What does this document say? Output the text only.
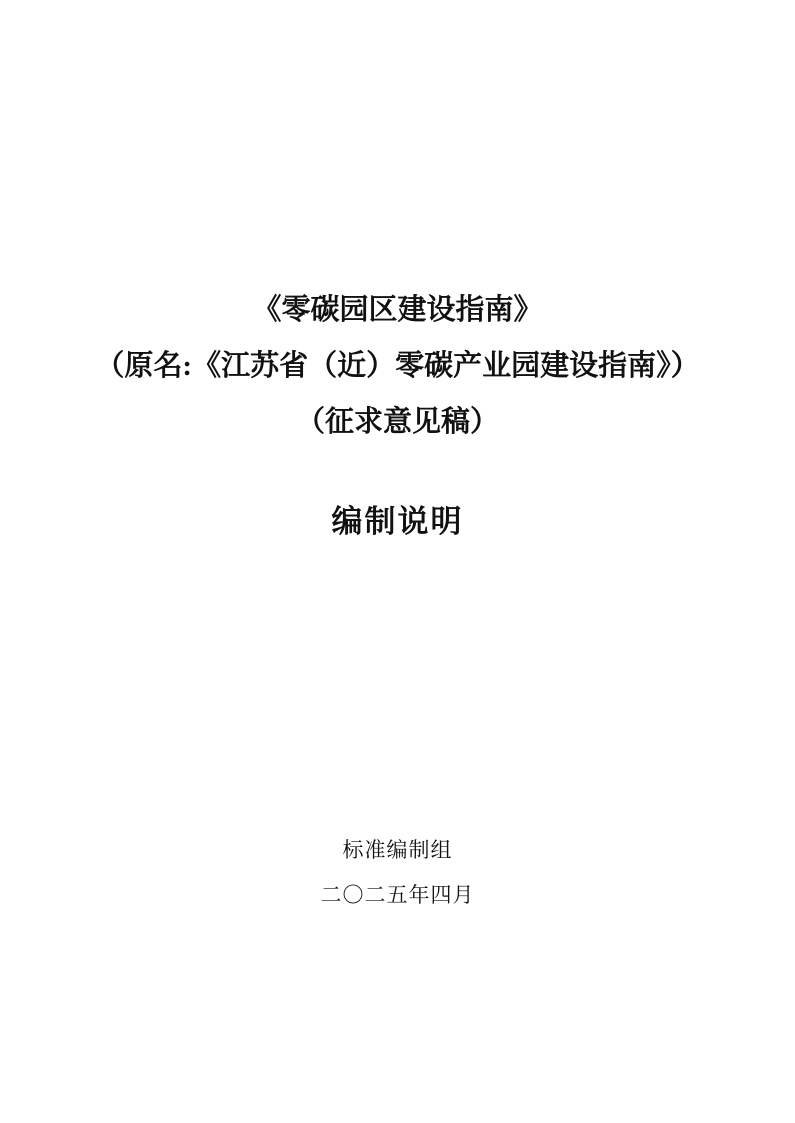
《零碳园区建设指南》
（原名:《江苏省（近）零碳产业园建设指南》）
（征求意见稿）
编制说明
标准编制组
二〇二五年四月
